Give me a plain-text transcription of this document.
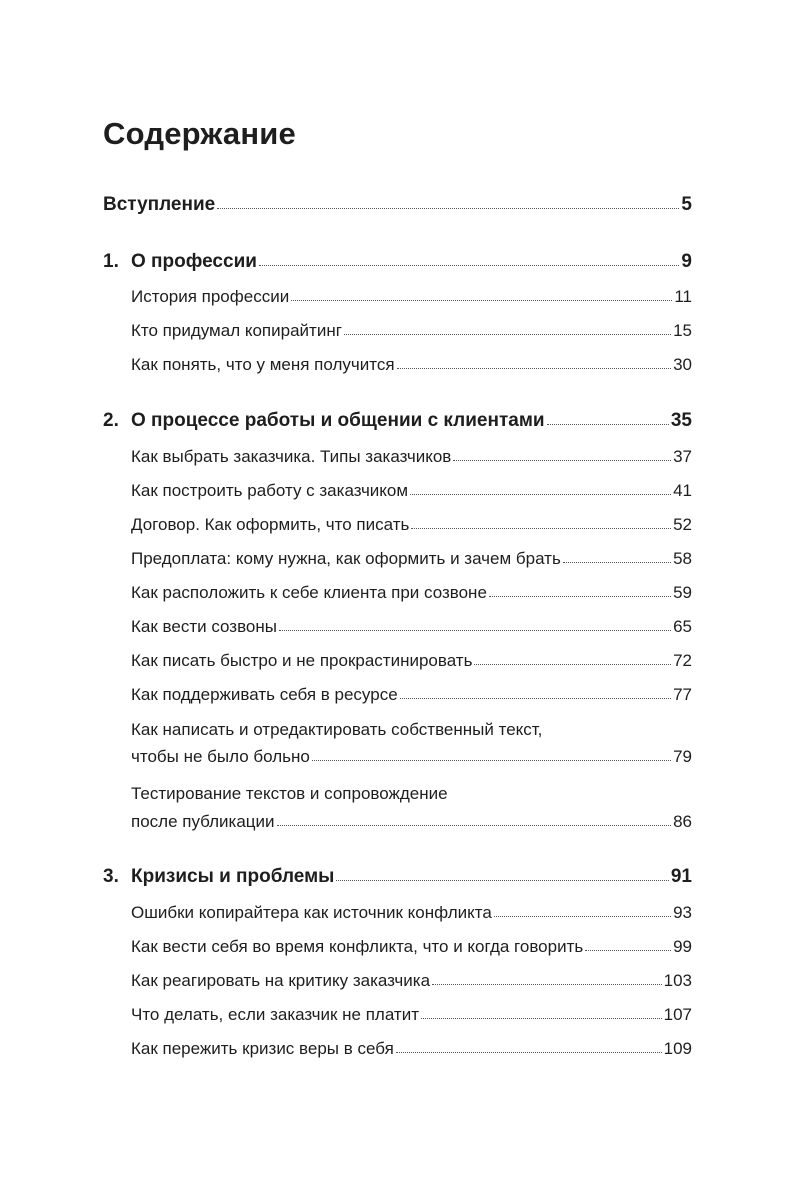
Содержание
Вступление	5
1. О профессии	9
История профессии	11
Кто придумал копирайтинг	15
Как понять, что у меня получится	30
2. О процессе работы и общении с клиентами	35
Как выбрать заказчика. Типы заказчиков	37
Как построить работу с заказчиком	41
Договор. Как оформить, что писать	52
Предоплата: кому нужна, как оформить и зачем брать	58
Как расположить к себе клиента при созвоне	59
Как вести созвоны	65
Как писать быстро и не прокрастинировать	72
Как поддерживать себя в ресурсе	77
Как написать и отредактировать собственный текст,
чтобы не было больно	79
Тестирование текстов и сопровождение
после публикации	86
3. Кризисы и проблемы	91
Ошибки копирайтера как источник конфликта	93
Как вести себя во время конфликта, что и когда говорить	99
Как реагировать на критику заказчика	103
Что делать, если заказчик не платит	107
Как пережить кризис веры в себя	109
